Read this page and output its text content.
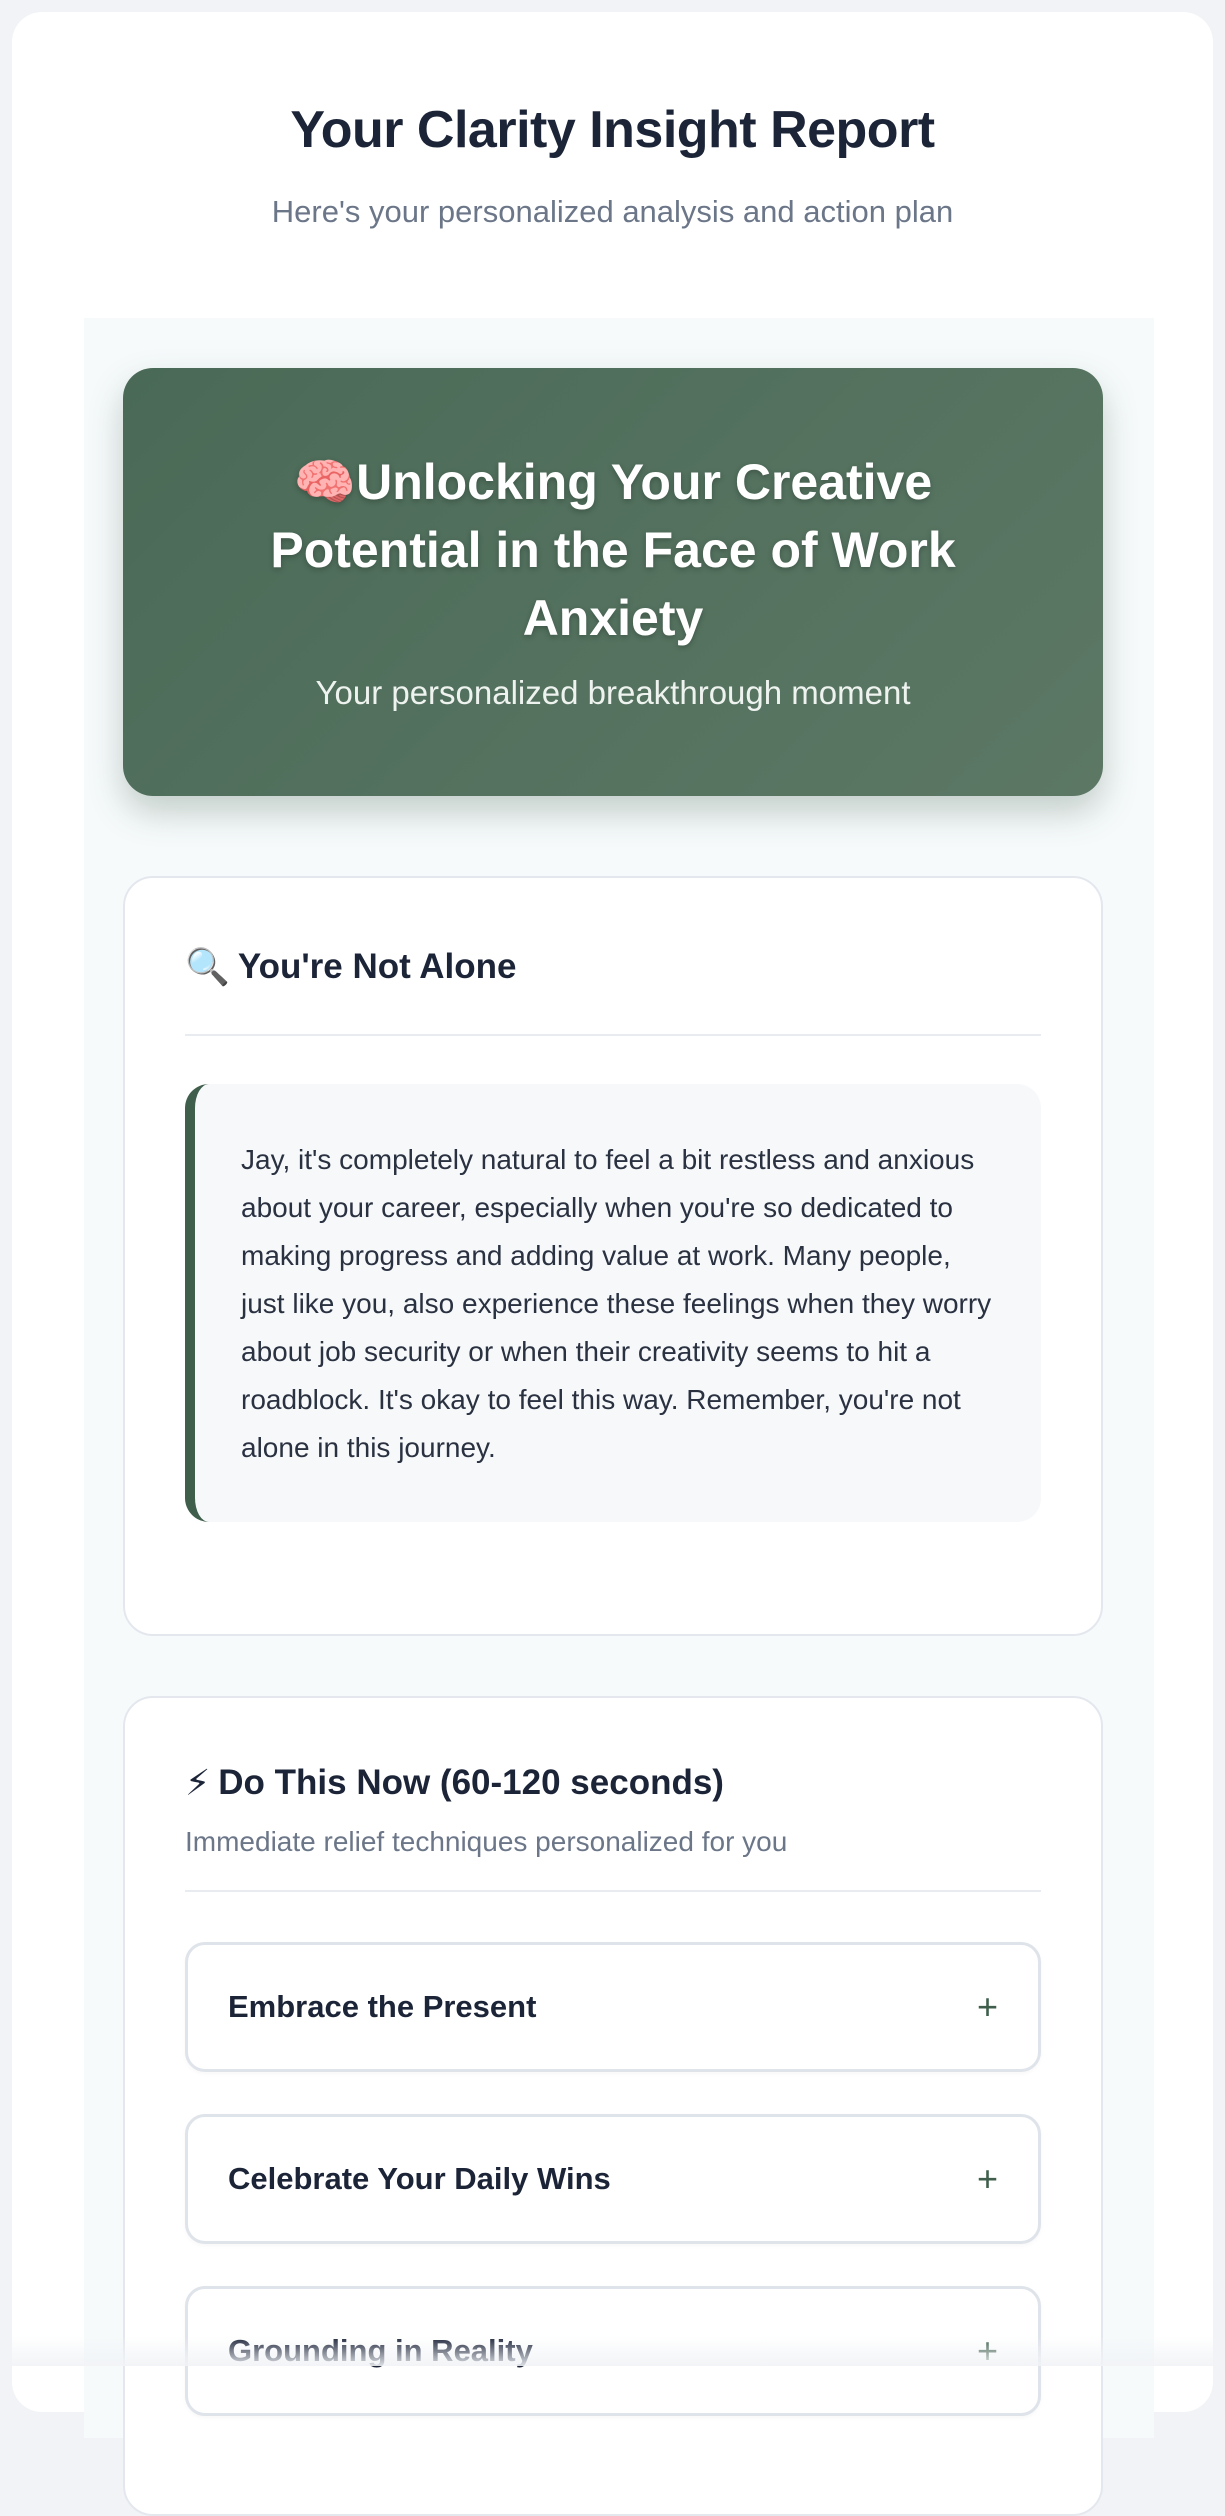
Your Clarity Insight Report

Here's your personalized analysis and action plan

🧠Unlocking Your Creative Potential in the Face of Work Anxiety
Your personalized breakthrough moment
🔍 You're Not Alone
Jay, it's completely natural to feel a bit restless and anxious about your career, especially when you're so dedicated to making progress and adding value at work. Many people, just like you, also experience these feelings when they worry about job security or when their creativity seems to hit a roadblock. It's okay to feel this way. Remember, you're not alone in this journey.
⚡ Do This Now (60-120 seconds)

Immediate relief techniques personalized for you

Embrace the Present	+
Celebrate Your Daily Wins	+
Grounding in Reality	+
